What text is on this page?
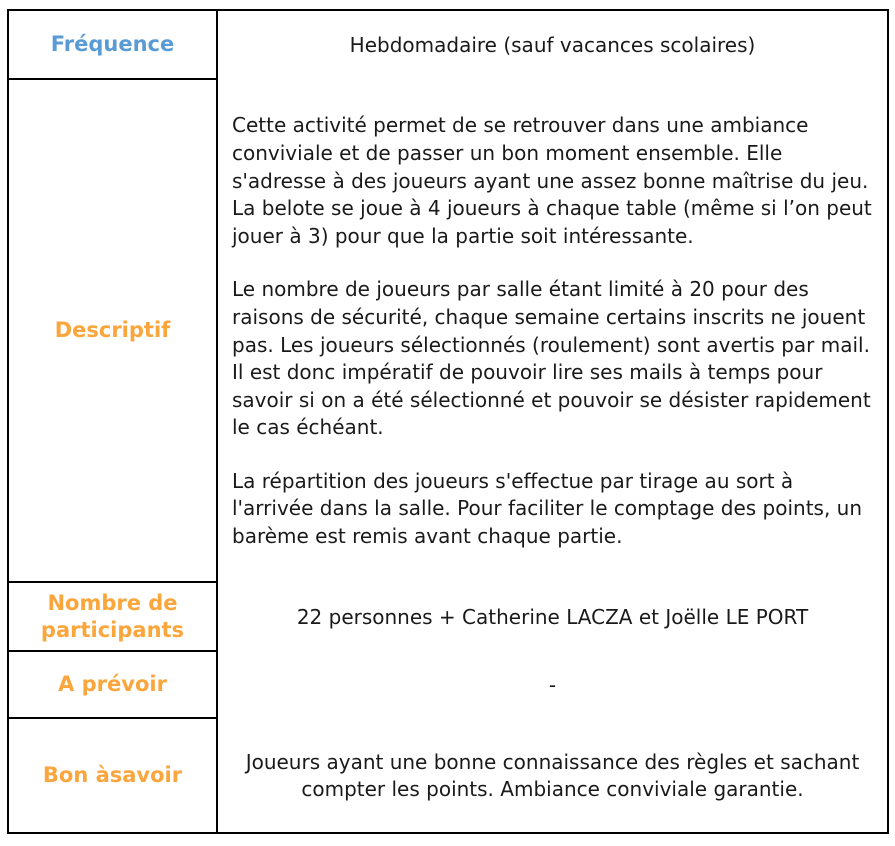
Fréquence	Hebdomadaire (sauf vacances scolaires)
Descriptif

Cette activité permet de se retrouver dans une ambiance conviviale et de passer un bon moment ensemble. Elle s'adresse à des joueurs ayant une assez bonne maîtrise du jeu. La belote se joue à 4 joueurs à chaque table (même si l’on peut jouer à 3) pour que la partie soit intéressante.

Le nombre de joueurs par salle étant limité à 20 pour des raisons de sécurité, chaque semaine certains inscrits ne jouent pas. Les joueurs sélectionnés (roulement) sont avertis par mail. Il est donc impératif de pouvoir lire ses mails à temps pour savoir si on a été sélectionné et pouvoir se désister rapidement le cas échéant.

La répartition des joueurs s'effectue par tirage au sort à l'arrivée dans la salle. Pour faciliter le comptage des points, un barème est remis avant chaque partie.

Nombre de participants
22 personnes + Catherine LACZA et Joëlle LE PORT
A prévoir	-
Bon àsavoir
Joueurs ayant une bonne connaissance des règles et sachant compter les points. Ambiance conviviale garantie.
